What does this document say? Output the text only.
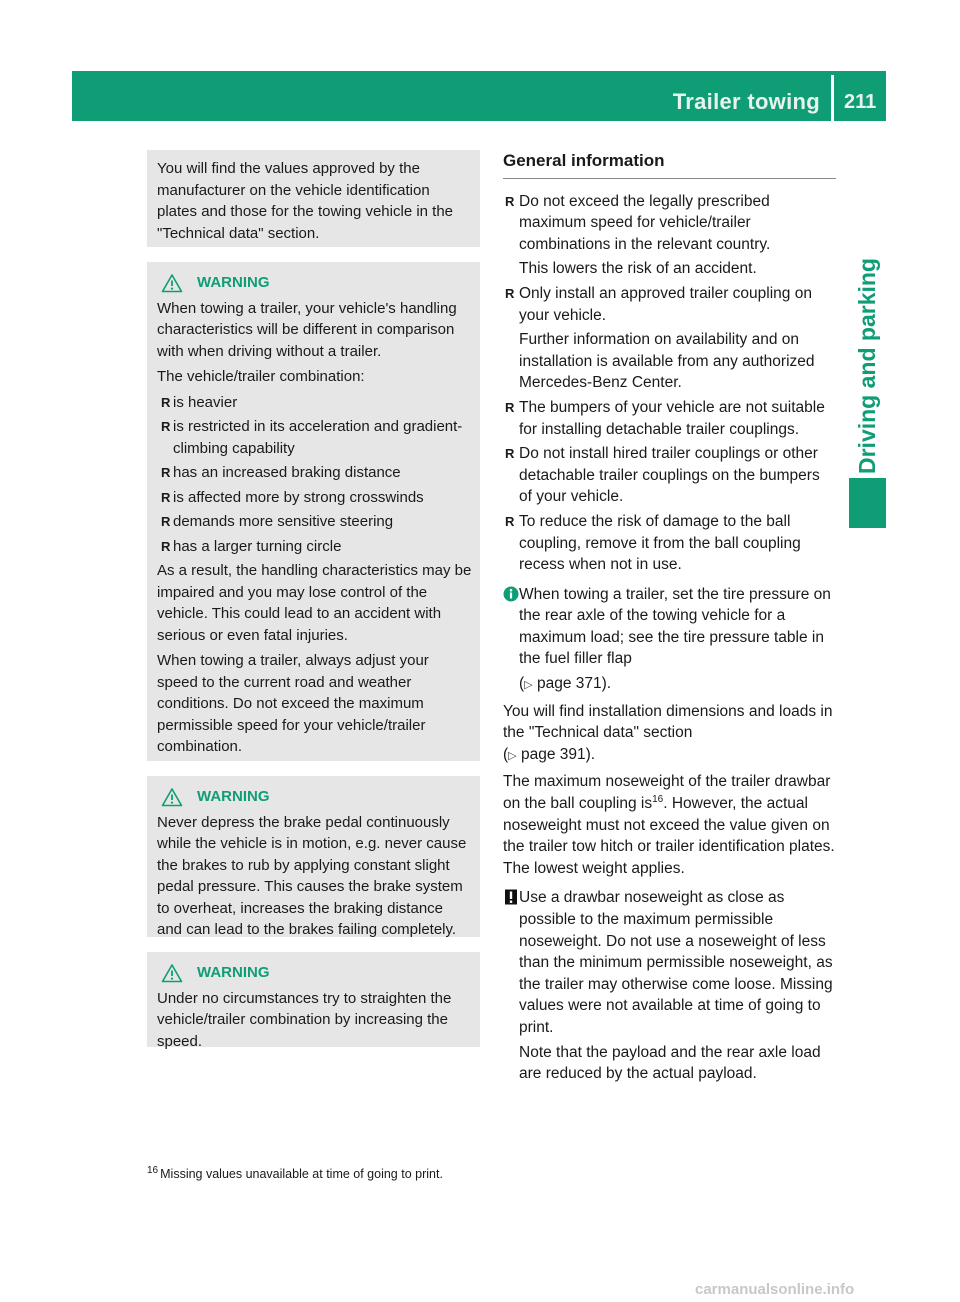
Trailer towing 211
Driving and parking

You will find the values approved by the manufacturer on the vehicle identification plates and those for the towing vehicle in the "Technical data" section.

WARNING

When towing a trailer, your vehicle's handling characteristics will be different in comparison with when driving without a trailer.

The vehicle/trailer combination:

R is heavier
R is restricted in its acceleration and gradient-climbing capability
R has an increased braking distance
R is affected more by strong crosswinds
R demands more sensitive steering
R has a larger turning circle

As a result, the handling characteristics may be impaired and you may lose control of the vehicle. This could lead to an accident with serious or even fatal injuries.

When towing a trailer, always adjust your speed to the current road and weather conditions. Do not exceed the maximum permissible speed for your vehicle/trailer combination.

WARNING

Never depress the brake pedal continuously while the vehicle is in motion, e.g. never cause the brakes to rub by applying constant slight pedal pressure. This causes the brake system to overheat, increases the braking distance and can lead to the brakes failing completely.

WARNING

Under no circumstances try to straighten the vehicle/trailer combination by increasing the speed.

General information
R Do not exceed the legally prescribed maximum speed for vehicle/trailer combinations in the relevant country.

This lowers the risk of an accident.

R Only install an approved trailer coupling on your vehicle.

Further information on availability and on installation is available from any authorized Mercedes-Benz Center.

R The bumpers of your vehicle are not suitable for installing detachable trailer couplings.

R Do not install hired trailer couplings or other detachable trailer couplings on the bumpers of your vehicle.

R To reduce the risk of damage to the ball coupling, remove it from the ball coupling recess when not in use.

When towing a trailer, set the tire pressure on the rear axle of the towing vehicle for a maximum load; see the tire pressure table in the fuel filler flap

(▷ page 371).

You will find installation dimensions and loads in the "Technical data" section
(▷ page 391).

The maximum noseweight of the trailer drawbar on the ball coupling $is^{16}$. However, the actual noseweight must not exceed the value given on the trailer tow hitch or trailer identification plates. The lowest weight applies.

Use a drawbar noseweight as close as possible to the maximum permissible noseweight. Do not use a noseweight of less than the minimum permissible noseweight, as the trailer may otherwise come loose. Missing values were not available at time of going to print.

Note that the payload and the rear axle load are reduced by the actual payload.

$^{16}$ Missing values unavailable at time of going to print.
carmanualsonline.info
